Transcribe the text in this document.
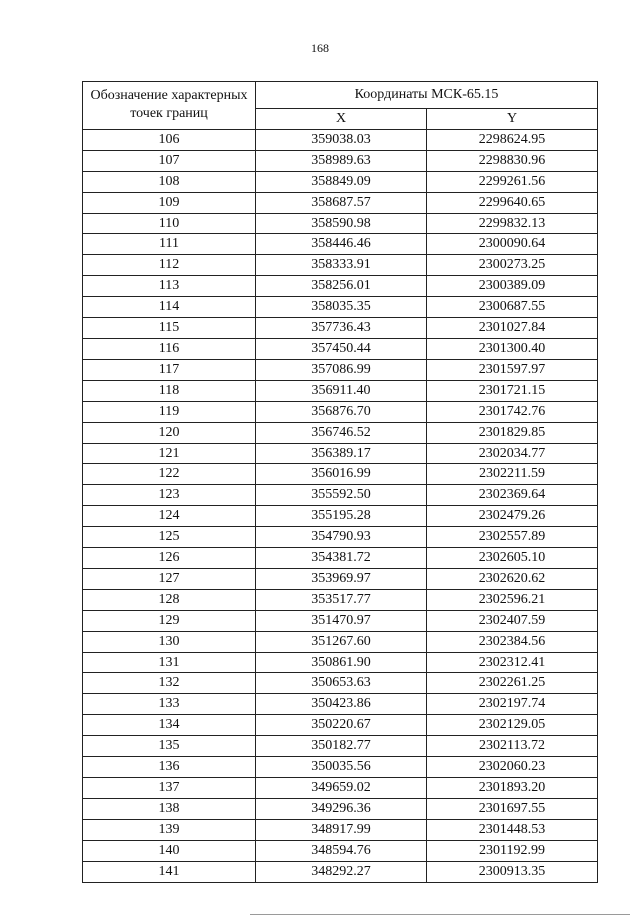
168
Обозначение характерных точек границ	Координаты МСК-65.15	
	X	Y
106	359038.03	2298624.95
107	358989.63	2298830.96
108	358849.09	2299261.56
109	358687.57	2299640.65
110	358590.98	2299832.13
111	358446.46	2300090.64
112	358333.91	2300273.25
113	358256.01	2300389.09
114	358035.35	2300687.55
115	357736.43	2301027.84
116	357450.44	2301300.40
117	357086.99	2301597.97
118	356911.40	2301721.15
119	356876.70	2301742.76
120	356746.52	2301829.85
121	356389.17	2302034.77
122	356016.99	2302211.59
123	355592.50	2302369.64
124	355195.28	2302479.26
125	354790.93	2302557.89
126	354381.72	2302605.10
127	353969.97	2302620.62
128	353517.77	2302596.21
129	351470.97	2302407.59
130	351267.60	2302384.56
131	350861.90	2302312.41
132	350653.63	2302261.25
133	350423.86	2302197.74
134	350220.67	2302129.05
135	350182.77	2302113.72
136	350035.56	2302060.23
137	349659.02	2301893.20
138	349296.36	2301697.55
139	348917.99	2301448.53
140	348594.76	2301192.99
141	348292.27	2300913.35
